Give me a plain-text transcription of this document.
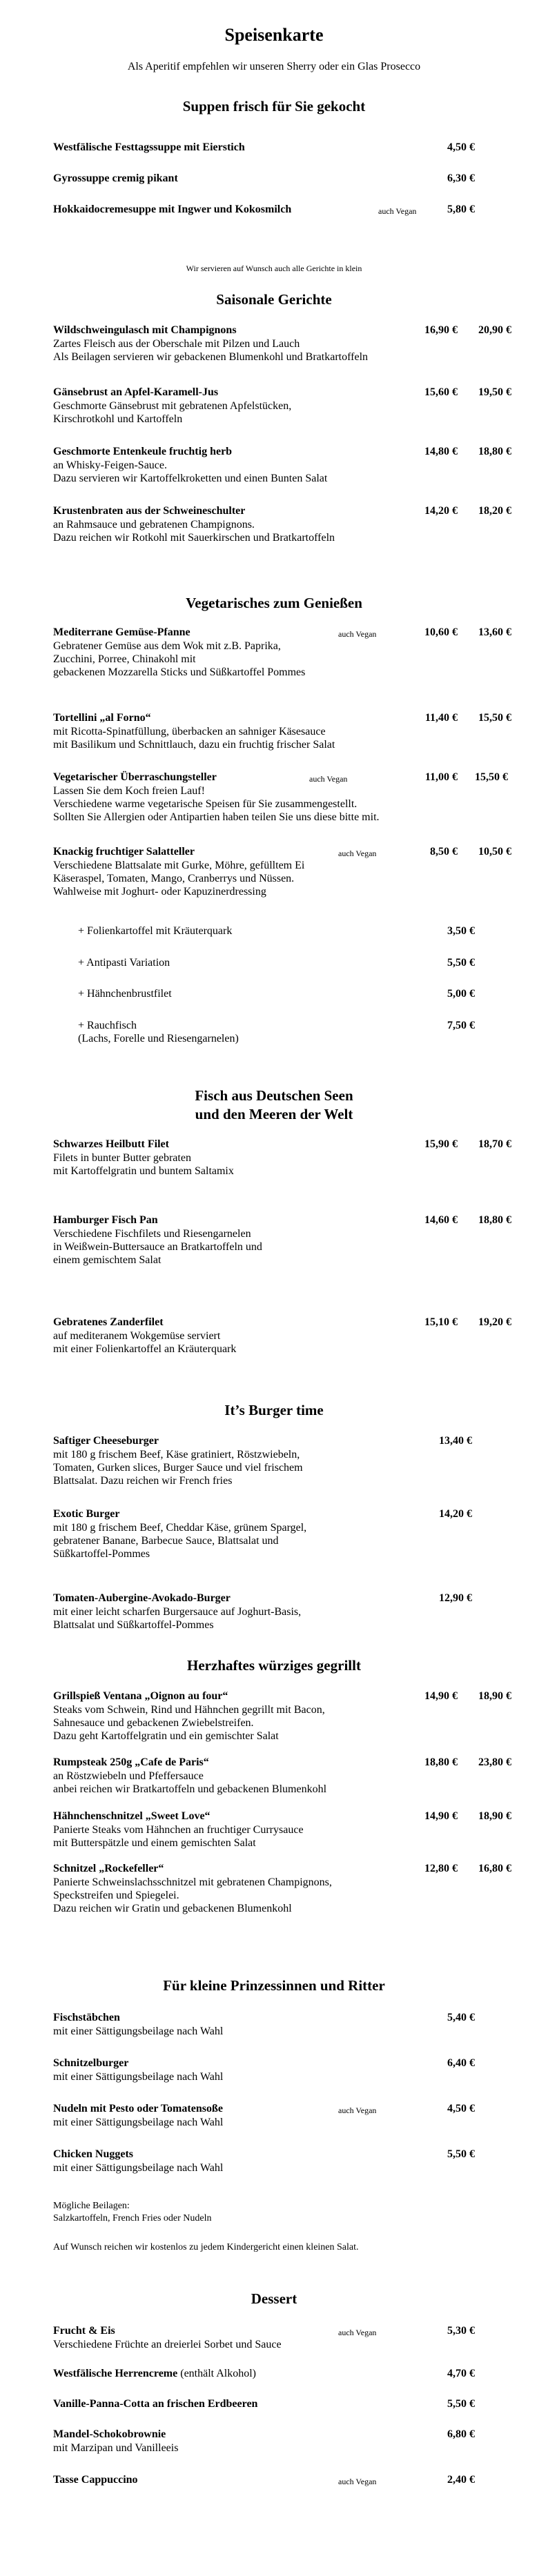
Speisenkarte
Als Aperitif empfehlen wir unseren Sherry oder ein Glas Prosecco
Suppen frisch für Sie gekocht
Westfälische Festtagssuppe mit Eierstich	4,50 €
Gyrossuppe cremig pikant	6,30 €
Hokkaidocremesuppe mit Ingwer und Kokosmilch	auch Vegan	5,80 €
Wir servieren auf Wunsch auch alle Gerichte in klein
Saisonale Gerichte
Wildschweingulasch mit Champignons	16,90 €	20,90 €
Zartes Fleisch aus der Oberschale mit Pilzen und Lauch
Als Beilagen servieren wir gebackenen Blumenkohl und Bratkartoffeln
Gänsebrust an Apfel-Karamell-Jus	15,60 €	19,50 €
Geschmorte Gänsebrust mit gebratenen Apfelstücken,
Kirschrotkohl und Kartoffeln
Geschmorte Entenkeule fruchtig herb	14,80 €	18,80 €
an Whisky-Feigen-Sauce.
Dazu servieren wir Kartoffelkroketten und einen Bunten Salat
Krustenbraten aus der Schweineschulter	14,20 €	18,20 €
an Rahmsauce und gebratenen Champignons.
Dazu reichen wir Rotkohl mit Sauerkirschen und Bratkartoffeln
Vegetarisches zum Genießen
Mediterrane Gemüse-Pfanne	auch Vegan	10,60 €	13,60 €
Gebratener Gemüse aus dem Wok mit z.B. Paprika,
Zucchini, Porree, Chinakohl mit
gebackenen Mozzarella Sticks und Süßkartoffel Pommes
Tortellini „al Forno“	11,40 €	15,50 €
mit Ricotta-Spinatfüllung, überbacken an sahniger Käsesauce
mit Basilikum und Schnittlauch, dazu ein fruchtig frischer Salat
Vegetarischer Überraschungsteller	auch Vegan	11,00 €	15,50 €
Lassen Sie dem Koch freien Lauf!
Verschiedene warme vegetarische Speisen für Sie zusammengestellt.
Sollten Sie Allergien oder Antipartien haben teilen Sie uns diese bitte mit.
Knackig fruchtiger Salatteller	auch Vegan	8,50 €	10,50 €
Verschiedene Blattsalate mit Gurke, Möhre, gefülltem Ei
Käseraspel, Tomaten, Mango, Cranberrys und Nüssen.
Wahlweise mit Joghurt- oder Kapuzinerdressing
+ Folienkartoffel mit Kräuterquark	3,50 €
+ Antipasti Variation	5,50 €
+ Hähnchenbrustfilet	5,00 €
+ Rauchfisch	7,50 €
(Lachs, Forelle und Riesengarnelen)
Fisch aus Deutschen Seen
und den Meeren der Welt
Schwarzes Heilbutt Filet	15,90 €	18,70 €
Filets in bunter Butter gebraten
mit Kartoffelgratin und buntem Saltamix
Hamburger Fisch Pan	14,60 €	18,80 €
Verschiedene Fischfilets und Riesengarnelen
in Weißwein-Buttersauce an Bratkartoffeln und
einem gemischtem Salat
Gebratenes Zanderfilet	15,10 €	19,20 €
auf mediteranem Wokgemüse serviert
mit einer Folienkartoffel an Kräuterquark
It’s Burger time
Saftiger Cheeseburger	13,40 €
mit 180 g frischem Beef, Käse gratiniert, Röstzwiebeln,
Tomaten, Gurken slices, Burger Sauce und viel frischem
Blattsalat. Dazu reichen wir French fries
Exotic Burger	14,20 €
mit 180 g frischem Beef, Cheddar Käse, grünem Spargel,
gebratener Banane, Barbecue Sauce, Blattsalat und
Süßkartoffel-Pommes
Tomaten-Aubergine-Avokado-Burger	12,90 €
mit einer leicht scharfen Burgersauce auf Joghurt-Basis,
Blattsalat und Süßkartoffel-Pommes
Herzhaftes würziges gegrillt
Grillspieß Ventana „Oignon au four“	14,90 €	18,90 €
Steaks vom Schwein, Rind und Hähnchen gegrillt mit Bacon,
Sahnesauce und gebackenen Zwiebelstreifen.
Dazu geht Kartoffelgratin und ein gemischter Salat
Rumpsteak 250g „Cafe de Paris“	18,80 €	23,80 €
an Röstzwiebeln und Pfeffersauce
anbei reichen wir Bratkartoffeln und gebackenen Blumenkohl
Hähnchenschnitzel „Sweet Love“	14,90 €	18,90 €
Panierte Steaks vom Hähnchen an fruchtiger Currysauce
mit Butterspätzle und einem gemischten Salat
Schnitzel „Rockefeller“	12,80 €	16,80 €
Panierte Schweinslachsschnitzel mit gebratenen Champignons,
Speckstreifen und Spiegelei.
Dazu reichen wir Gratin und gebackenen Blumenkohl
Für kleine Prinzessinnen und Ritter
Fischstäbchen	5,40 €
mit einer Sättigungsbeilage nach Wahl
Schnitzelburger	6,40 €
mit einer Sättigungsbeilage nach Wahl
Nudeln mit Pesto oder Tomatensoße	auch Vegan	4,50 €
mit einer Sättigungsbeilage nach Wahl
Chicken Nuggets	5,50 €
mit einer Sättigungsbeilage nach Wahl
Mögliche Beilagen:
Salzkartoffeln, French Fries oder Nudeln
Auf Wunsch reichen wir kostenlos zu jedem Kindergericht einen kleinen Salat.
Dessert
Frucht & Eis	auch Vegan	5,30 €
Verschiedene Früchte an dreierlei Sorbet und Sauce
Westfälische Herrencreme (enthält Alkohol)	4,70 €
Vanille-Panna-Cotta an frischen Erdbeeren	5,50 €
Mandel-Schokobrownie	6,80 €
mit Marzipan und Vanilleeis
Tasse Cappuccino	auch Vegan	2,40 €
